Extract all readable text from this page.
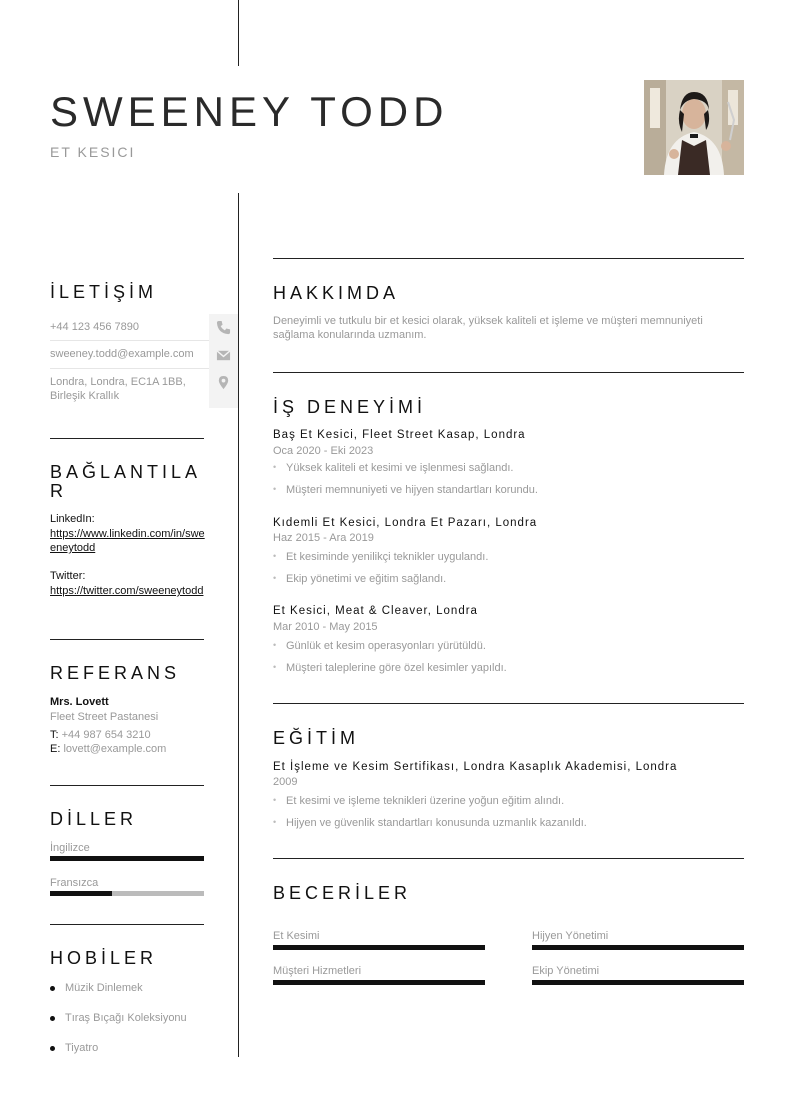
SWEENEY TODD
ET KESICI
İLETİŞİM
+44 123 456 7890
sweeney.todd@example.com
Londra, Londra, EC1A 1BB, Birleşik Krallık
BAĞLANTILA R
LinkedIn:
https://www.linkedin.com/in/sweeneytodd
Twitter:
https://twitter.com/sweeneytodd
REFERANS
Mrs. Lovett
Fleet Street Pastanesi
T: +44 987 654 3210
E: lovett@example.com
DİLLER
İngilizce
Fransızca
HOBİLER
Müzik Dinlemek
Tıraş Bıçağı Koleksiyonu
Tiyatro
HAKKIMDA
Deneyimli ve tutkulu bir et kesici olarak, yüksek kaliteli et işleme ve müşteri memnuniyeti sağlama konularında uzmanım.
İŞ DENEYİMİ
Baş Et Kesici, Fleet Street Kasap, Londra
Oca 2020 - Eki 2023
Yüksek kaliteli et kesimi ve işlenmesi sağlandı.
Müşteri memnuniyeti ve hijyen standartları korundu.
Kıdemli Et Kesici, Londra Et Pazarı, Londra
Haz 2015 - Ara 2019
Et kesiminde yenilikçi teknikler uygulandı.
Ekip yönetimi ve eğitim sağlandı.
Et Kesici, Meat & Cleaver, Londra
Mar 2010 - May 2015
Günlük et kesim operasyonları yürütüldü.
Müşteri taleplerine göre özel kesimler yapıldı.
EĞİTİM
Et İşleme ve Kesim Sertifikası, Londra Kasaplık Akademisi, Londra
2009
Et kesimi ve işleme teknikleri üzerine yoğun eğitim alındı.
Hijyen ve güvenlik standartları konusunda uzmanlık kazanıldı.
BECERİLER
Et Kesimi	Hijyen Yönetimi
Müşteri Hizmetleri	Ekip Yönetimi
